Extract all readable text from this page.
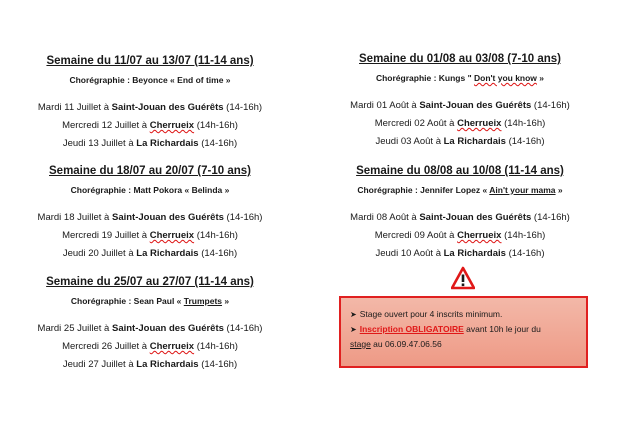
Semaine du 11/07 au 13/07 (11-14 ans)
Chorégraphie : Beyonce « End of time »
Mardi 11 Juillet à Saint-Jouan des Guérêts (14-16h)
Mercredi 12 Juillet à Cherrueix (14h-16h)
Jeudi 13 Juillet à La Richardais (14-16h)
Semaine du 18/07 au 20/07 (7-10 ans)
Chorégraphie : Matt Pokora « Belinda »
Mardi 18 Juillet à Saint-Jouan des Guérêts (14-16h)
Mercredi 19 Juillet à Cherrueix (14h-16h)
Jeudi 20 Juillet à La Richardais (14-16h)
Semaine du 25/07 au 27/07 (11-14 ans)
Chorégraphie : Sean Paul « Trumpets »
Mardi 25 Juillet à Saint-Jouan des Guérêts (14-16h)
Mercredi 26 Juillet à Cherrueix (14h-16h)
Jeudi 27 Juillet à La Richardais (14-16h)
Semaine du 01/08 au 03/08 (7-10 ans)
Chorégraphie : Kungs " Don't you know »
Mardi 01 Août à Saint-Jouan des Guérêts (14-16h)
Mercredi 02 Août à Cherrueix (14h-16h)
Jeudi 03 Août à La Richardais (14-16h)
Semaine du 08/08 au 10/08 (11-14 ans)
Chorégraphie : Jennifer Lopez « Ain't your mama »
Mardi 08 Août à Saint-Jouan des Guérêts (14-16h)
Mercredi 09 Août à Cherrueix (14h-16h)
Jeudi 10 Août à La Richardais (14-16h)
➤ Stage ouvert pour 4 inscrits minimum.
➤ Inscription OBLIGATOIRE avant 10h le jour du
stage au 06.09.47.06.56
